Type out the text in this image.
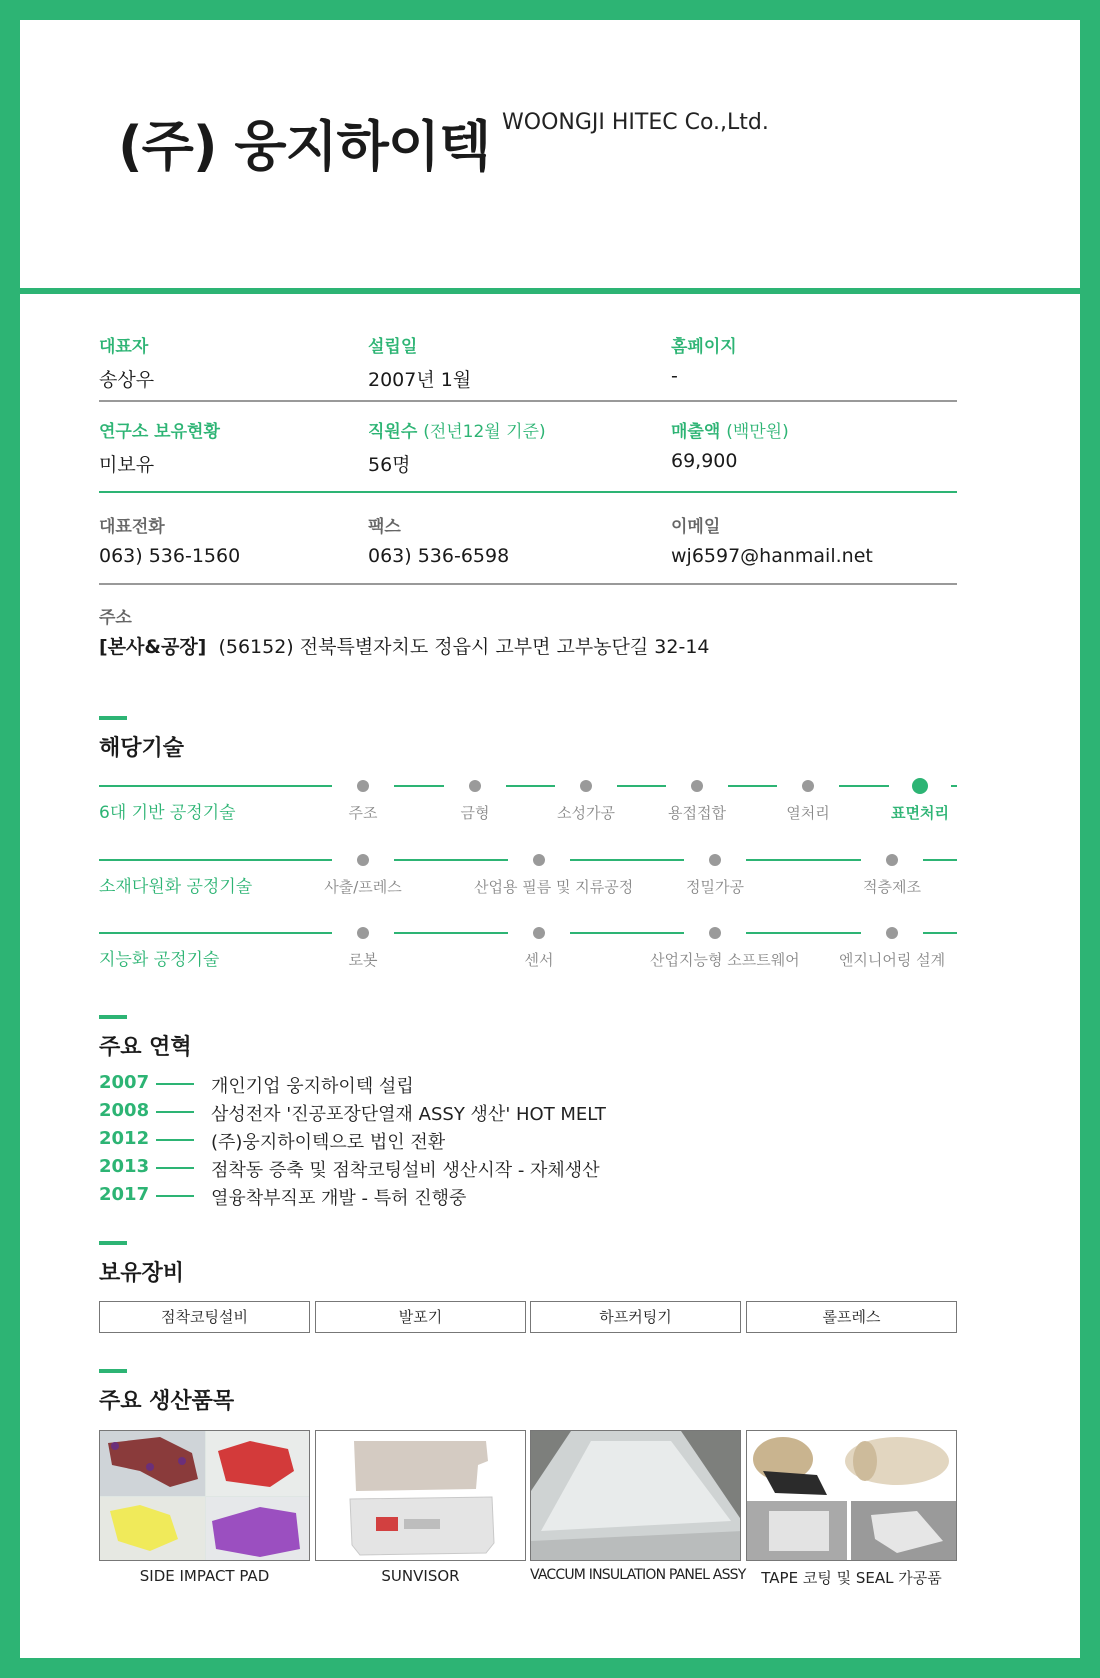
(주) 웅지하이텍 WOONGJI HITEC Co.,Ltd.
대표자
송상우
설립일
2007년 1월
홈페이지
-
연구소 보유현황
미보유
직원수 (전년12월 기준)
56명
매출액 (백만원)
69,900
대표전화
063) 536-1560
팩스
063) 536-6598
이메일
wj6597@hanmail.net
주소
[본사&공장] (56152) 전북특별자치도 정읍시 고부면 고부농단길 32-14
해당기술
6대 기반 공정기술	주조	금형	소성가공	용접접합	열처리	표면처리
소재다원화 공정기술	사출/프레스	산업용 필름 및 지류공정	정밀가공	적층제조
지능화 공정기술	로봇	센서	산업지능형 소프트웨어	엔지니어링 설계
주요 연혁
2007	개인기업 웅지하이텍 설립
2008	삼성전자 '진공포장단열재 ASSY 생산' HOT MELT
2012	(주)웅지하이텍으로 법인 전환
2013	점착동 증축 및 점착코팅설비 생산시작 - 자체생산
2017	열융착부직포 개발 - 특허 진행중
보유장비
점착코팅설비	발포기	하프커팅기	롤프레스
주요 생산품목
SIDE IMPACT PAD	SUNVISOR	VACCUM INSULATION PANEL ASSY	TAPE 코팅 및 SEAL 가공품
